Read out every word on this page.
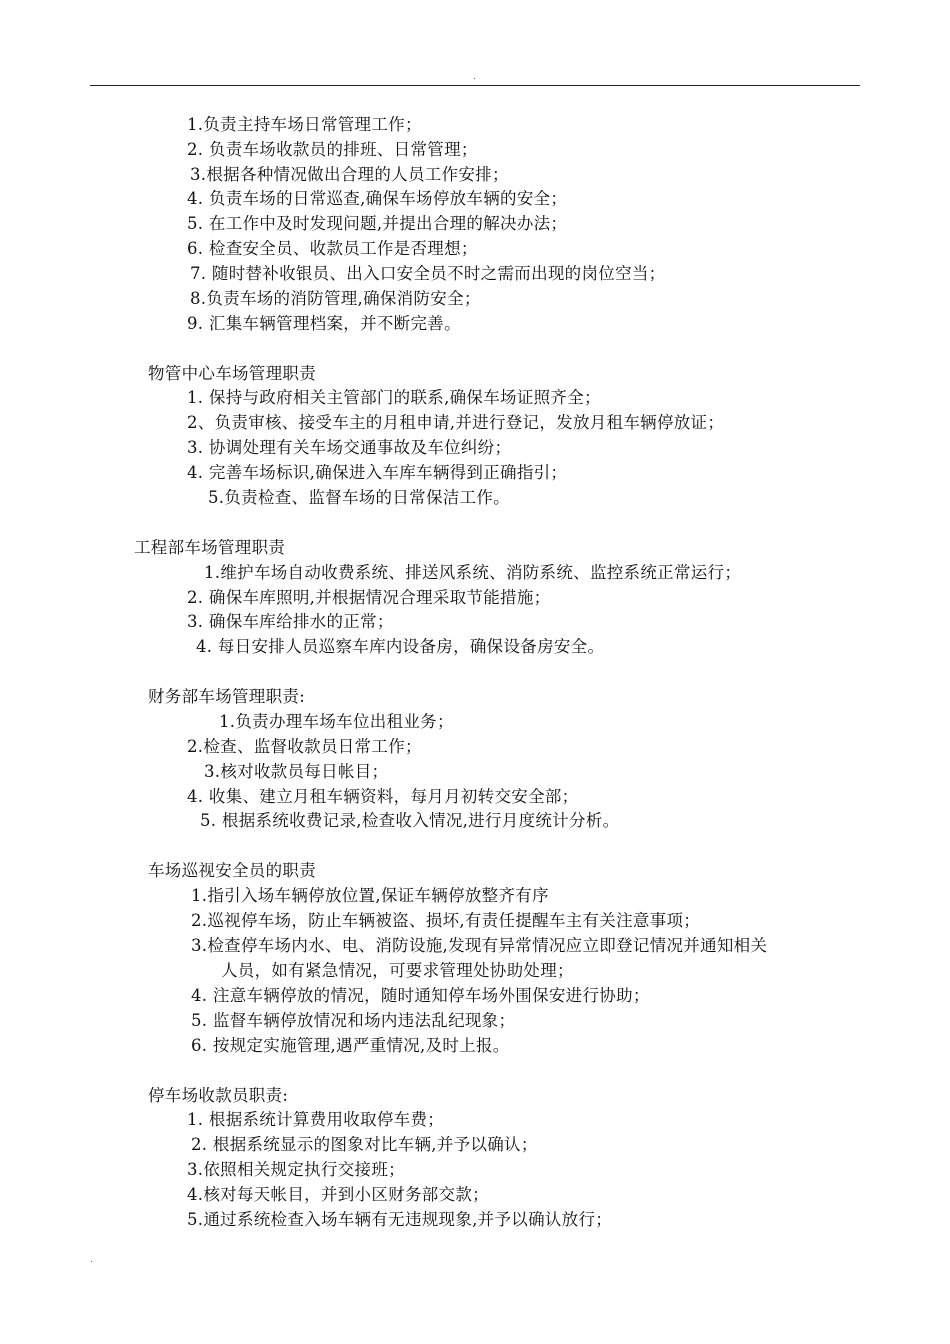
.
1.负责主持车场日常管理工作；
2. 负责车场收款员的排班、日常管理；
3.根据各种情况做出合理的人员工作安排；
4. 负责车场的日常巡查,确保车场停放车辆的安全；
5. 在工作中及时发现问题,并提出合理的解决办法；
6. 检查安全员、收款员工作是否理想；
7. 随时替补收银员、出入口安全员不时之需而出现的岗位空当；
8.负责车场的消防管理,确保消防安全；
9. 汇集车辆管理档案，并不断完善。
物管中心车场管理职责
1. 保持与政府相关主管部门的联系,确保车场证照齐全；
2、负责审核、接受车主的月租申请,并进行登记，发放月租车辆停放证；
3. 协调处理有关车场交通事故及车位纠纷；
4. 完善车场标识,确保进入车库车辆得到正确指引；
5.负责检查、监督车场的日常保洁工作。
工程部车场管理职责
1.维护车场自动收费系统、排送风系统、消防系统、监控系统正常运行；
2. 确保车库照明,并根据情况合理采取节能措施；
3. 确保车库给排水的正常；
4. 每日安排人员巡察车库内设备房，确保设备房安全。
财务部车场管理职责:
1.负责办理车场车位出租业务；
2.检查、监督收款员日常工作；
3.核对收款员每日帐目；
4. 收集、建立月租车辆资料，每月月初转交安全部；
5. 根据系统收费记录,检查收入情况,进行月度统计分析。
车场巡视安全员的职责
1.指引入场车辆停放位置,保证车辆停放整齐有序
2.巡视停车场，防止车辆被盗、损坏,有责任提醒车主有关注意事项；
3.检查停车场内水、电、消防设施,发现有异常情况应立即登记情况并通知相关
人员，如有紧急情况，可要求管理处协助处理；
4. 注意车辆停放的情况，随时通知停车场外围保安进行协助；
5. 监督车辆停放情况和场内违法乱纪现象；
6. 按规定实施管理,遇严重情况,及时上报。
停车场收款员职责:
1. 根据系统计算费用收取停车费；
2. 根据系统显示的图象对比车辆,并予以确认；
3.依照相关规定执行交接班；
4.核对每天帐目，并到小区财务部交款；
5.通过系统检查入场车辆有无违规现象,并予以确认放行；
.
